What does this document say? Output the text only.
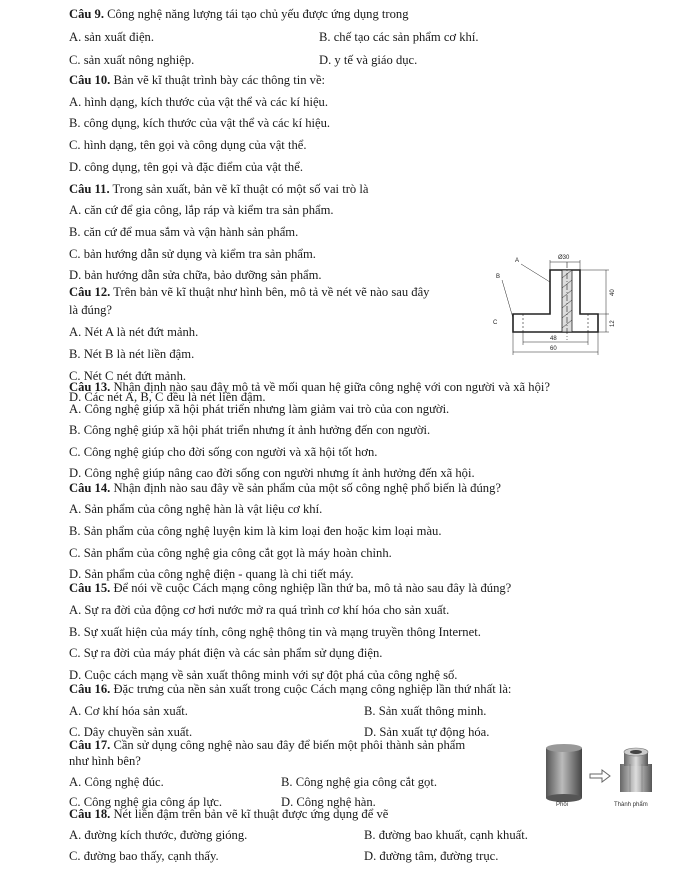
Câu 9. Công nghệ năng lượng tái tạo chủ yếu được ứng dụng trong
A. sản xuất điện.	B. chế tạo các sản phẩm cơ khí.
C. sản xuất nông nghiệp.	D. y tế và giáo dục.
Câu 10. Bản vẽ kĩ thuật trình bày các thông tin về:
A. hình dạng, kích thước của vật thể và các kí hiệu.
B. công dụng, kích thước của vật thể và các kí hiệu.
C. hình dạng, tên gọi và công dụng của vật thể.
D. công dụng, tên gọi và đặc điểm của vật thể.
Câu 11. Trong sản xuất, bản vẽ kĩ thuật có một số vai trò là
A. căn cứ để gia công, lắp ráp và kiểm tra sản phẩm.
B. căn cứ để mua sắm và vận hành sản phẩm.
C. bản hướng dẫn sử dụng và kiểm tra sản phẩm.
D. bản hướng dẫn sửa chữa, bảo dưỡng sản phẩm.
Câu 12. Trên bản vẽ kĩ thuật như hình bên, mô tả về nét vẽ nào sau đây
là đúng?
A. Nét A là nét đứt mảnh.
B. Nét B là nét liền đậm.
C. Nét C nét đứt mảnh.
D. Các nét A, B, C đều là nét liền đậm.
Ø30
40
12
48
60
A
B
C
Câu 13. Nhận định nào sau đây mô tả về mối quan hệ giữa công nghệ với con người và xã hội?
A. Công nghệ giúp xã hội phát triển nhưng làm giảm vai trò của con người.
B. Công nghệ giúp xã hội phát triển nhưng ít ảnh hưởng đến con người.
C. Công nghệ giúp cho đời sống con người và xã hội tốt hơn.
D. Công nghệ giúp nâng cao đời sống con người nhưng ít ảnh hưởng đến xã hội.
Câu 14. Nhận định nào sau đây về sản phẩm của một số công nghệ phổ biến là đúng?
A. Sản phẩm của công nghệ hàn là vật liệu cơ khí.
B. Sản phẩm của công nghệ luyện kim là kim loại đen hoặc kim loại màu.
C. Sản phẩm của công nghệ gia công cắt gọt là máy hoàn chỉnh.
D. Sản phẩm của công nghệ điện - quang là chi tiết máy.
Câu 15. Để nói về cuộc Cách mạng công nghiệp lần thứ ba, mô tả nào sau đây là đúng?
A. Sự ra đời của động cơ hơi nước mở ra quá trình cơ khí hóa cho sản xuất.
B. Sự xuất hiện của máy tính, công nghệ thông tin và mạng truyền thông Internet.
C. Sự ra đời của máy phát điện và các sản phẩm sử dụng điện.
D. Cuộc cách mạng về sản xuất thông minh với sự đột phá của công nghệ số.
Câu 16. Đặc trưng của nền sản xuất trong cuộc Cách mạng công nghiệp lần thứ nhất là:
A. Cơ khí hóa sản xuất.	B. Sản xuất thông minh.
C. Dây chuyền sản xuất.	D. Sản xuất tự động hóa.
Câu 17. Cần sử dụng công nghệ nào sau đây để biến một phôi thành sản phẩm
như hình bên?
A. Công nghệ đúc.	B. Công nghệ gia công cắt gọt.
C. Công nghệ gia công áp lực.	D. Công nghệ hàn.	Phôi	Thành phẩm
Câu 18. Nét liền đậm trên bản vẽ kĩ thuật được ứng dụng để vẽ
A. đường kích thước, đường gióng.	B. đường bao khuất, cạnh khuất.
C. đường bao thấy, cạnh thấy.	D. đường tâm, đường trục.
